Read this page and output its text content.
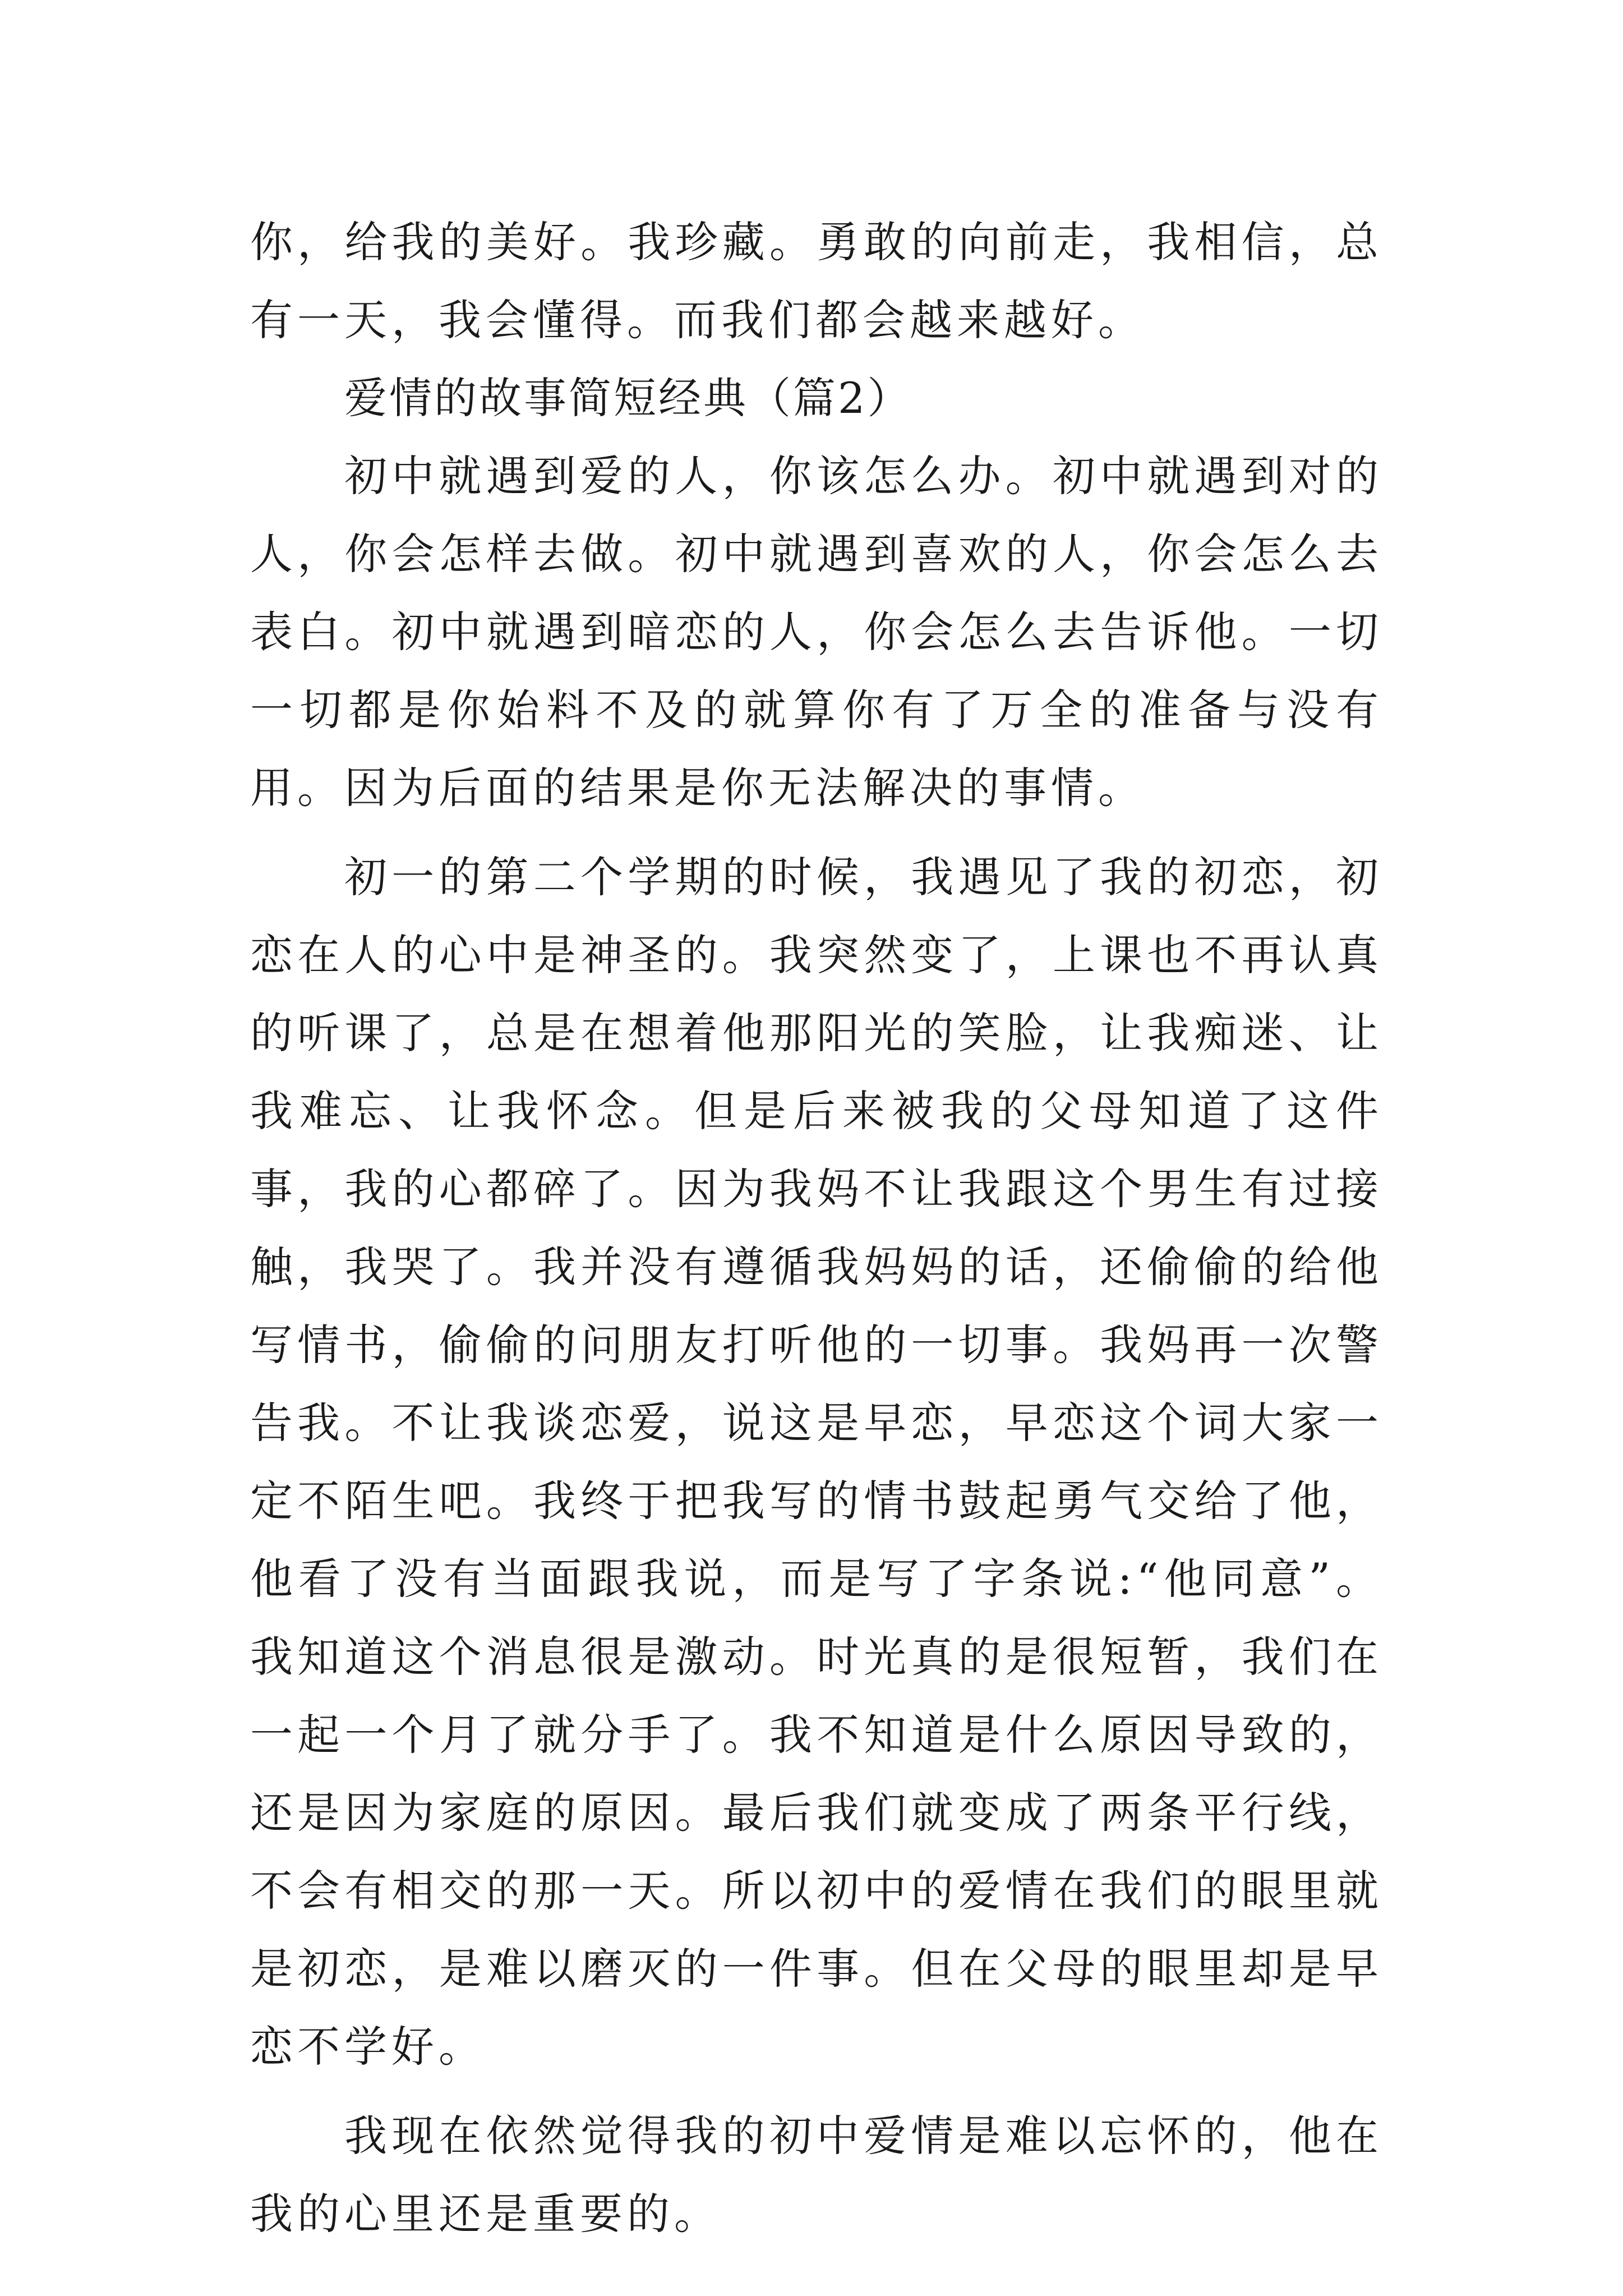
你，给我的美好。我珍藏。勇敢的向前走，我相信，总有一天，我会懂得。而我们都会越来越好。

爱情的故事简短经典（篇2）

初中就遇到爱的人，你该怎么办。初中就遇到对的人，你会怎样去做。初中就遇到喜欢的人，你会怎么去表白。初中就遇到暗恋的人，你会怎么去告诉他。一切一切都是你始料不及的就算你有了万全的准备与没有用。因为后面的结果是你无法解决的事情。

初一的第二个学期的时候，我遇见了我的初恋，初恋在人的心中是神圣的。我突然变了，上课也不再认真的听课了，总是在想着他那阳光的笑脸，让我痴迷、让我难忘、让我怀念。但是后来被我的父母知道了这件事，我的心都碎了。因为我妈不让我跟这个男生有过接触，我哭了。我并没有遵循我妈妈的话，还偷偷的给他写情书，偷偷的问朋友打听他的一切事。我妈再一次警告我。不让我谈恋爱，说这是早恋，早恋这个词大家一定不陌生吧。我终于把我写的情书鼓起勇气交给了他，他看了没有当面跟我说，而是写了字条说:“他同意”。我知道这个消息很是激动。时光真的是很短暂，我们在一起一个月了就分手了。我不知道是什么原因导致的，还是因为家庭的原因。最后我们就变成了两条平行线，不会有相交的那一天。所以初中的爱情在我们的眼里就是初恋，是难以磨灭的一件事。但在父母的眼里却是早恋不学好。

我现在依然觉得我的初中爱情是难以忘怀的，他在我的心里还是重要的。
